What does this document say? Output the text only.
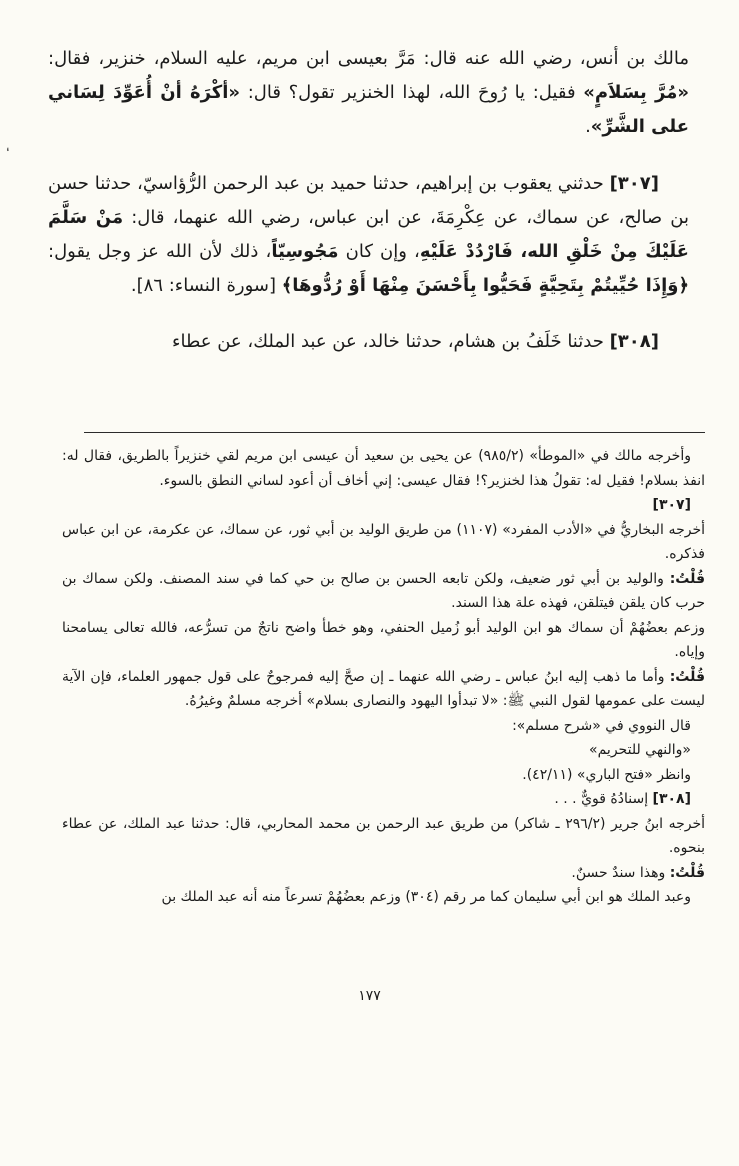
،

مالك بن أنس، رضي الله عنه قال: مَرَّ بعيسى ابن مريم، عليه السلام، خنزير، فقال: «مُرَّ بِسَلاَمٍ» فقيل: يا رُوحَ الله، لهذا الخنزير تقول؟ قال: «أكْرَهُ أنْ أُعَوِّدَ لِسَاني على الشَّرِّ».

[٣٠٧] حدثني يعقوب بن إبراهيم، حدثنا حميد بن عبد الرحمن الرُّؤاسيّ، حدثنا حسن بن صالح، عن سماك، عن عِكْرِمَةَ، عن ابن عباس، رضي الله عنهما، قال: مَنْ سَلَّمَ عَلَيْكَ مِنْ خَلْقِ الله، فَارْدُدْ عَلَيْهِ، وإن كان مَجُوسِيّاً، ذلك لأن الله عز وجل يقول: ﴿وَإِذَا حُيِّيتُمْ بِتَحِيَّةٍ فَحَيُّوا بِأَحْسَنَ مِنْهَا أَوْ رُدُّوهَا﴾ [سورة النساء: ٨٦].

[٣٠٨] حدثنا خَلَفُ بن هشام، حدثنا خالد، عن عبد الملك، عن عطاء

وأخرجه مالك في «الموطأ» (٩٨٥/٢) عن يحيى بن سعيد أن عيسى ابن مريم لقي خنزيراً بالطريق، فقال له: انفذ بسلام! فقيل له: تقولُ هذا لخنزير؟! فقال عيسى: إني أخاف أن أعود لساني النطق بالسوء.
[٣٠٧]
أخرجه البخاريُّ في «الأدب المفرد» (١١٠٧) من طريق الوليد بن أبي ثور، عن سماك، عن عكرمة، عن ابن عباس فذكره.
قُلْتُ: والوليد بن أبي ثور ضعيف، ولكن تابعه الحسن بن صالح بن حي كما في سند المصنف. ولكن سماك بن حرب كان يلقن فيتلقن، فهذه علة هذا السند.
وزعم بعضُهُمْ أن سماك هو ابن الوليد أبو زُميل الحنفي، وهو خطأ واضح ناتجٌ من تسرُّعه، فالله تعالى يسامحنا وإياه.
قُلْتُ: وأما ما ذهب إليه ابنُ عباس ـ رضي الله عنهما ـ إن صحَّ إليه فمرجوحٌ على قول جمهور العلماء، فإن الآية ليست على عمومها لقول النبي ﷺ: «لا تبدأوا اليهود والنصارى بسلام» أخرجه مسلمٌ وغيرُهُ.
قال النووي في «شرح مسلم»:
«والنهي للتحريم»
وانظر «فتح الباري» (٤٢/١١).
[٣٠٨] إسنادُهُ قويٌّ . . .
أخرجه ابنُ جرير (٢٩٦/٢ ـ شاكر) من طريق عبد الرحمن بن محمد المحاربي، قال: حدثنا عبد الملك، عن عطاء بنحوه.
قُلْتُ: وهذا سندٌ حسنٌ.
وعبد الملك هو ابن أبي سليمان كما مر رقم (٣٠٤) وزعم بعضُهُمْ تسرعاً منه أنه عبد الملك بن
١٧٧
